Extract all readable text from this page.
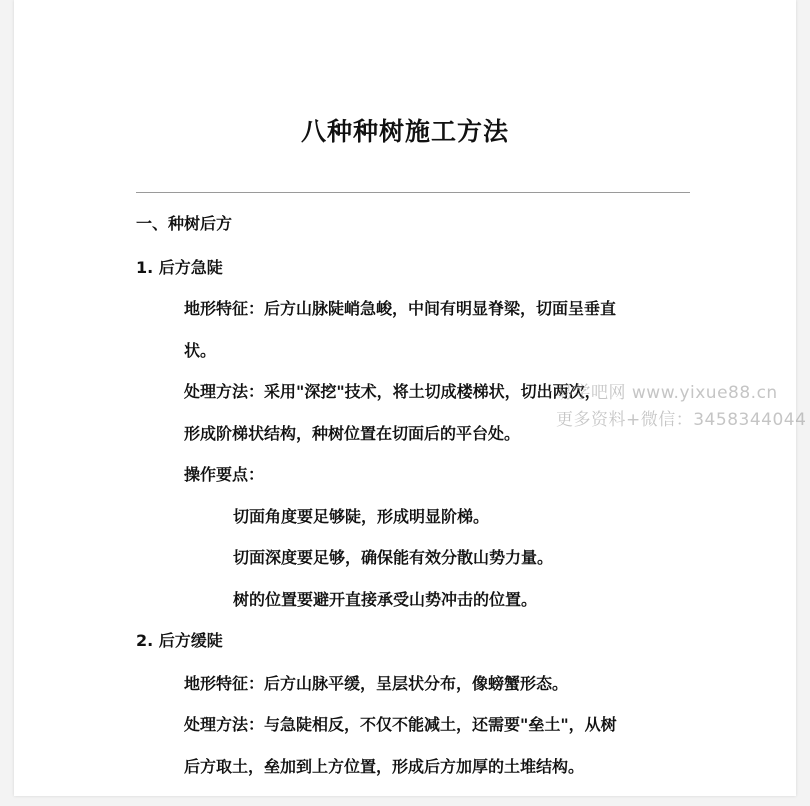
八种种树施工方法

一、种树后方

1. 后方急陡

地形特征：后方山脉陡峭急峻，中间有明显脊梁，切面呈垂直

状。

处理方法：采用"深挖"技术，将土切成楼梯状，切出两次，

形成阶梯状结构，种树位置在切面后的平台处。

操作要点：

切面角度要足够陡，形成明显阶梯。

切面深度要足够，确保能有效分散山势力量。

树的位置要避开直接承受山势冲击的位置。

2. 后方缓陡

地形特征：后方山脉平缓，呈层状分布，像螃蟹形态。

处理方法：与急陡相反，不仅不能减土，还需要"垒土"，从树

后方取土，垒加到上方位置，形成后方加厚的土堆结构。

易学吧网 www.yixue88.cn
更多资料+微信：3458344044
